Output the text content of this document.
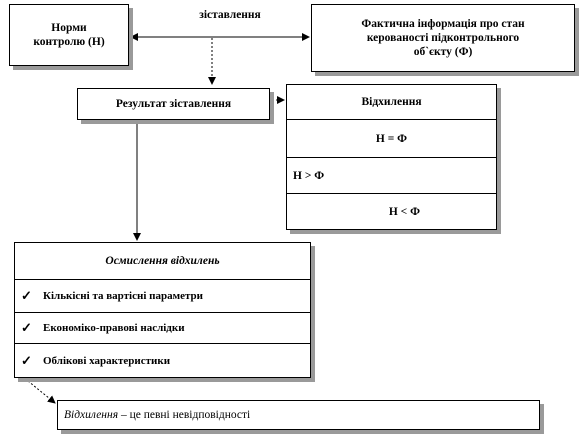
Норми
контролю (Н)
зіставлення
Фактична інформація про стан
керованості підконтрольного
об`єкту (Ф)
Результат зіставлення	Відхилення
Н = Ф
Н > Ф
Н < Ф
Осмислення відхилень
✓	Кількісні та вартісні параметри
✓	Економіко-правові наслідки
✓	Облікові характеристики
Відхилення – це певні невідповідності
